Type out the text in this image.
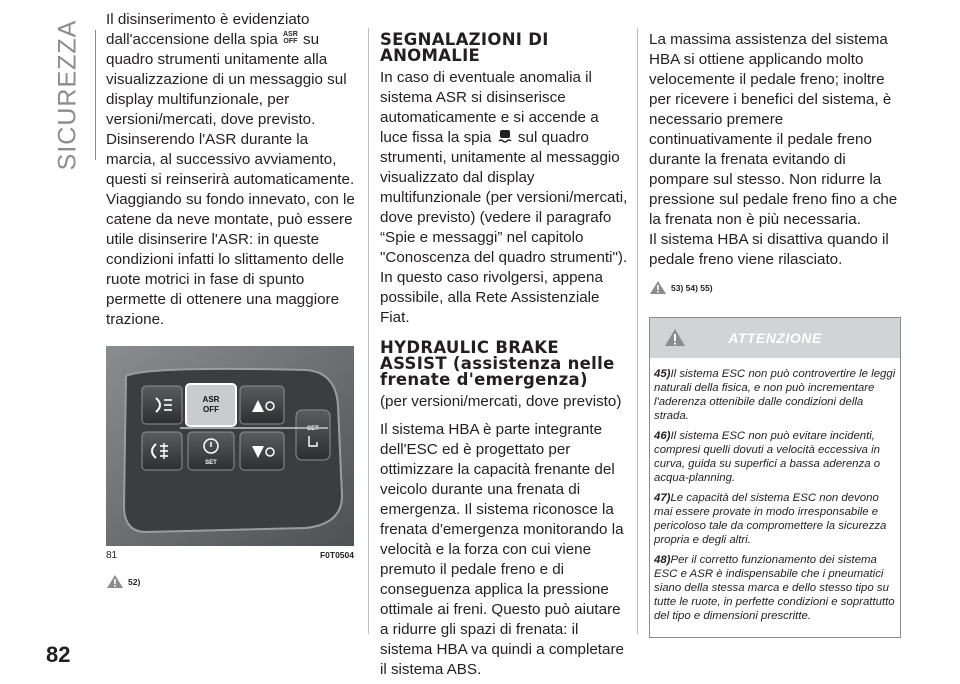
SICUREZZA
82

Il disinserimento è evidenziato dall'accensione della spia ASR
OFF su quadro strumenti unitamente alla visualizzazione di un messaggio sul display multifunzionale, per versioni/mercati, dove previsto.

Disinserendo l'ASR durante la marcia, al successivo avviamento, questi si reinserirà automaticamente.

Viaggiando su fondo innevato, con le catene da neve montate, può essere utile disinserire l'ASR: in queste condizioni infatti lo slittamento delle ruote motrici in fase di spunto permette di ottenere una maggiore trazione.

ASR
OFF
SET
SET
81	F0T0504
52)
SEGNALAZIONI DI
ANOMALIE

In caso di eventuale anomalia il sistema ASR si disinserisce automaticamente e si accende a luce fissa la spia sul quadro strumenti, unitamente al messaggio visualizzato dal display multifunzionale (per versioni/mercati, dove previsto) (vedere il paragrafo “Spie e messaggi” nel capitolo "Conoscenza del quadro strumenti"). In questo caso rivolgersi, appena possibile, alla Rete Assistenziale Fiat.

HYDRAULIC BRAKE
ASSIST (assistenza nelle
frenate d'emergenza)

(per versioni/mercati, dove previsto)

Il sistema HBA è parte integrante dell'ESC ed è progettato per ottimizzare la capacità frenante del veicolo durante una frenata di emergenza. Il sistema riconosce la frenata d'emergenza monitorando la velocità e la forza con cui viene premuto il pedale freno e di conseguenza applica la pressione ottimale ai freni. Questo può aiutare a ridurre gli spazi di frenata: il sistema HBA va quindi a completare il sistema ABS.

La massima assistenza del sistema HBA si ottiene applicando molto velocemente il pedale freno; inoltre per ricevere i benefici del sistema, è necessario premere continuativamente il pedale freno durante la frenata evitando di pompare sul stesso. Non ridurre la pressione sul pedale freno fino a che la frenata non è più necessaria.

Il sistema HBA si disattiva quando il pedale freno viene rilasciato.

53) 54) 55)
ATTENZIONE

45)Il sistema ESC non può controvertire le leggi naturali della fisica, e non può incrementare l'aderenza ottenibile dalle condizioni della strada.

46)Il sistema ESC non può evitare incidenti, compresi quelli dovuti a velocità eccessiva in curva, guida su superfici a bassa aderenza o acqua-planning.

47)Le capacità del sistema ESC non devono mai essere provate in modo irresponsabile e pericoloso tale da compromettere la sicurezza propria e degli altri.

48)Per il corretto funzionamento dei sistema ESC e ASR è indispensabile che i pneumatici siano della stessa marca e dello stesso tipo su tutte le ruote, in perfette condizioni e soprattutto del tipo e dimensioni prescritte.
